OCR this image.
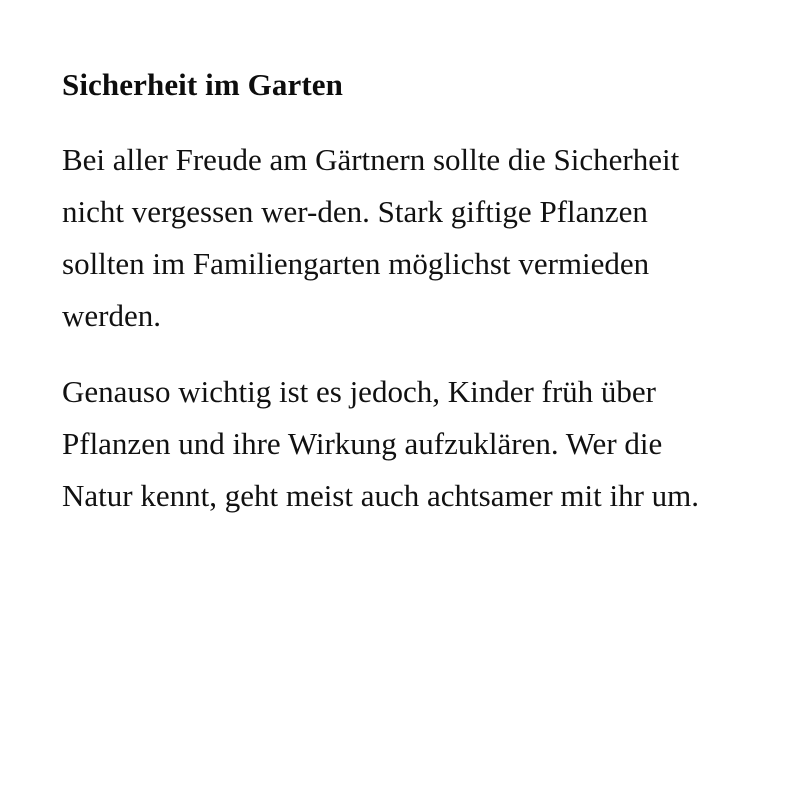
Sicherheit im Garten

Bei aller Freude am Gärtnern sollte die Sicherheit nicht vergessen wer-den. Stark giftige Pflanzen sollten im Familiengarten möglichst vermieden werden.

Genauso wichtig ist es jedoch, Kinder früh über Pflanzen und ihre Wirkung aufzuklären. Wer die Natur kennt, geht meist auch achtsamer mit ihr um.
